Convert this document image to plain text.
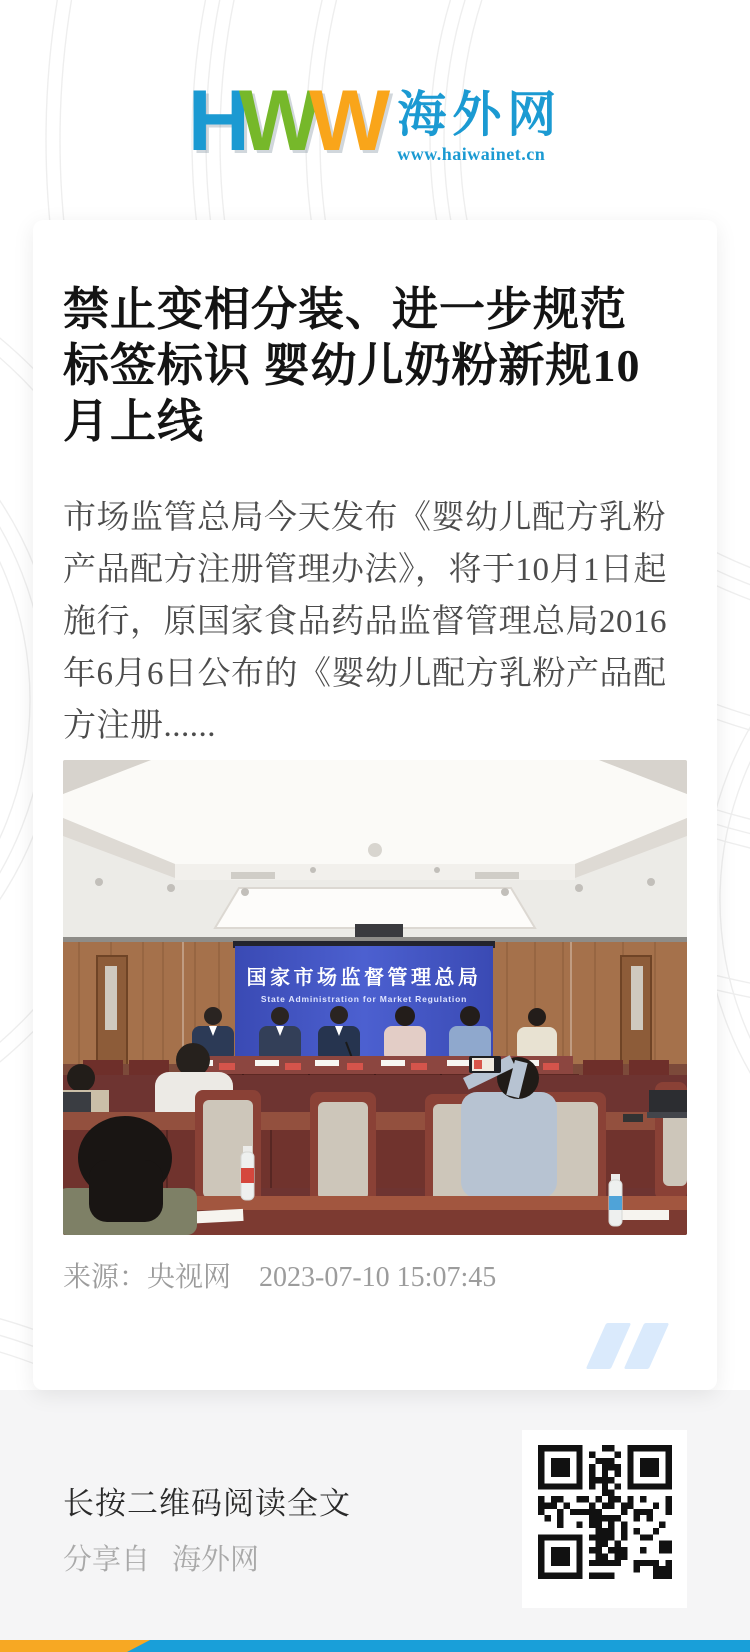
H W W 海外网
www.haiwainet.cn
禁止变相分装、进一步规范
标签标识 婴幼儿奶粉新规10
月上线
市场监管总局今天发布《婴幼儿配方乳粉产品配方注册管理办法》，将于10月1日起施行，原国家食品药品监督管理总局2016年6月6日公布的《婴幼儿配方乳粉产品配方注册......
国家市场监督管理总局
State Administration for Market Regulation
来源：央视网 2023-07-10 15:07:45
长按二维码阅读全文
分享自 海外网
